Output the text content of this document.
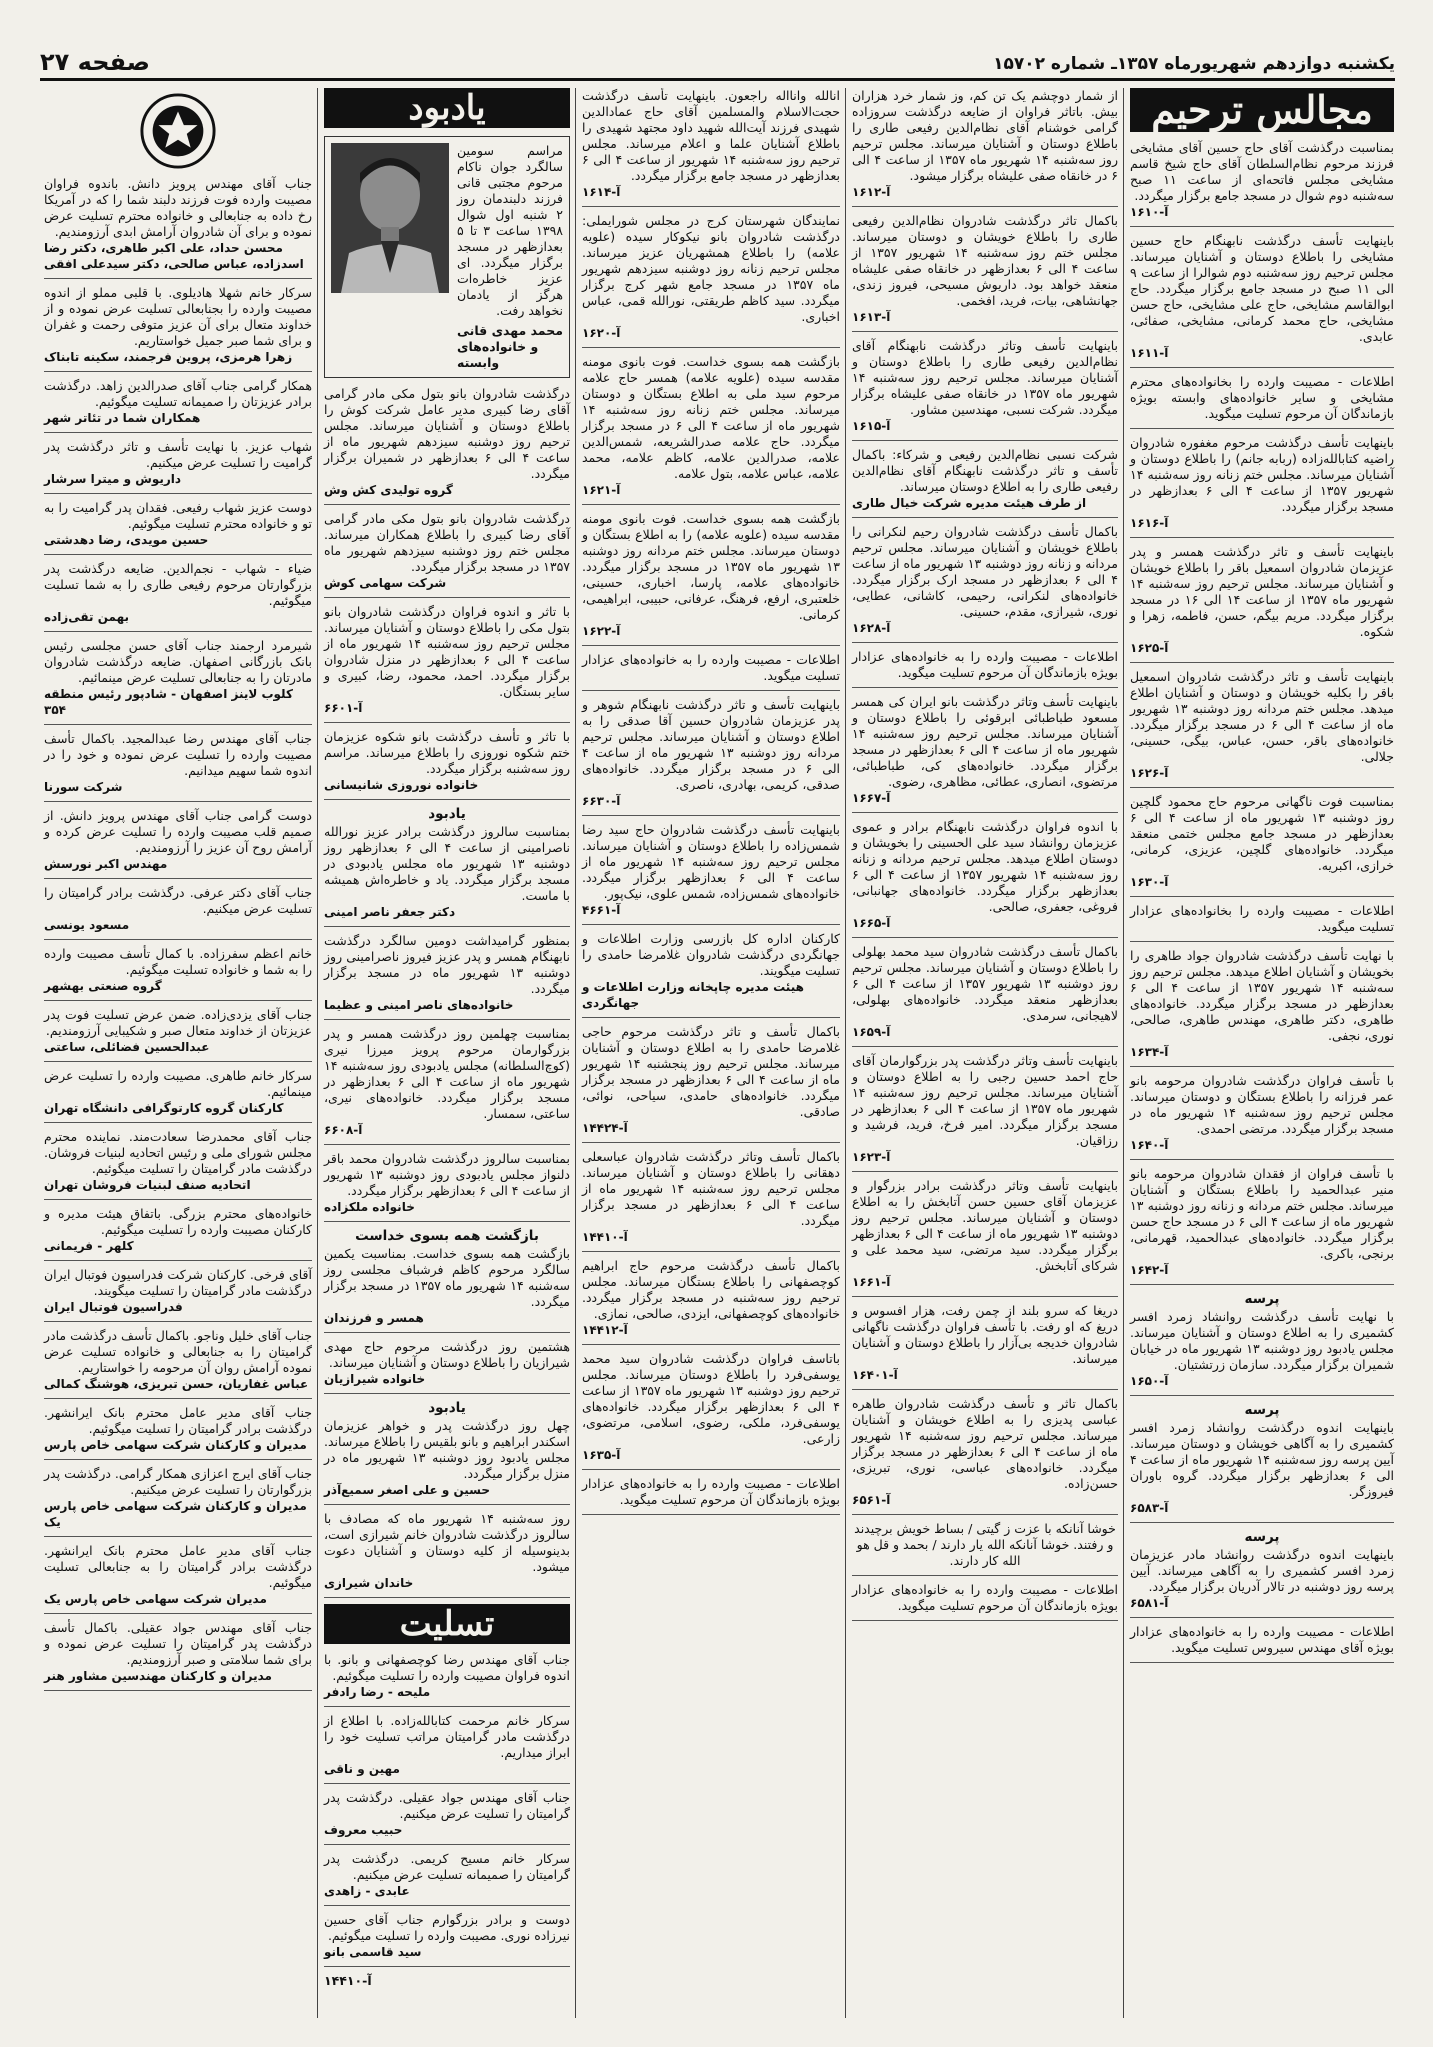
یکشنبه دوازدهم شهریورماه ۱۳۵۷ـ شماره ۱۵۷۰۲
صفحه ۲۷
مجالس ترحیم
بمناسبت درگذشت آقای حاج حسین آقای مشایخی فرزند مرحوم نظام‌السلطان آقای حاج شیخ قاسم مشایخی مجلس فاتحه‌ای از ساعت ۱۱ صبح سه‌شنبه دوم شوال در مسجد جامع برگزار میگردد.
آ-۱۶۱۰
باینهایت تأسف درگذشت نابهنگام حاج حسین مشایخی را باطلاع دوستان و آشنایان میرساند. مجلس ترحیم روز سه‌شنبه دوم شوالرا از ساعت ۹ الی ۱۱ صبح در مسجد جامع برگزار میگردد. حاج ابوالقاسم مشایخی، حاج علی مشایخی، حاج حسن مشایخی، حاج محمد کرمانی، مشایخی، صفائی، عابدی.
آ-۱۶۱۱
اطلاعات - مصیبت وارده را بخانواده‌های محترم مشایخی و سایر خانواده‌های وابسته بویژه بازماندگان آن مرحوم تسلیت میگوید.
باینهایت تأسف درگذشت مرحوم مغفوره شادروان راضیه کتابالله‌زاده (ربابه جانم) را باطلاع دوستان و آشنایان میرساند. مجلس ختم زنانه روز سه‌شنبه ۱۴ شهریور ۱۳۵۷ از ساعت ۴ الی ۶ بعدازظهر در مسجد برگزار میگردد.
آ-۱۶۱۶
باینهایت تأسف و تاثر درگذشت همسر و پدر عزیزمان شادروان اسمعیل باقر را باطلاع خویشان و آشنایان میرساند. مجلس ترحیم روز سه‌شنبه ۱۴ شهریور ماه ۱۳۵۷ از ساعت ۱۴ الی ۱۶ در مسجد برگزار میگردد. مریم بیگم، حسن، فاطمه، زهرا و شکوه.
آ-۱۶۲۵
باینهایت تأسف و تاثر درگذشت شادروان اسمعیل باقر را بکلیه خویشان و دوستان و آشنایان اطلاع میدهد. مجلس ختم مردانه روز دوشنبه ۱۳ شهریور ماه از ساعت ۴ الی ۶ در مسجد برگزار میگردد. خانواده‌های باقر، حسن، عباس، بیگی، حسینی، جلالی.
آ-۱۶۲۶
بمناسبت فوت ناگهانی مرحوم حاج محمود گلچین روز دوشنبه ۱۳ شهریور ماه از ساعت ۴ الی ۶ بعدازظهر در مسجد جامع مجلس ختمی منعقد میگردد. خانواده‌های گلچین، عزیزی، کرمانی، خرازی، اکبریه.
آ-۱۶۳۰
اطلاعات - مصیبت وارده را بخانواده‌های عزادار تسلیت میگوید.
با نهایت تأسف درگذشت شادروان جواد طاهری را بخویشان و آشنایان اطلاع میدهد. مجلس ترحیم روز سه‌شنبه ۱۴ شهریور ۱۳۵۷ از ساعت ۴ الی ۶ بعدازظهر در مسجد برگزار میگردد. خانواده‌های طاهری، دکتر طاهری، مهندس طاهری، صالحی، نوری، نجفی.
آ-۱۶۳۴
با تأسف فراوان درگذشت شادروان مرحومه بانو عمر فرزانه را باطلاع بستگان و دوستان میرساند. مجلس ترحیم روز سه‌شنبه ۱۴ شهریور ماه در مسجد برگزار میگردد. مرتضی احمدی.
آ-۱۶۴۰
با تأسف فراوان از فقدان شادروان مرحومه بانو منیر عبدالحمید را باطلاع بستگان و آشنایان میرساند. مجلس ختم مردانه و زنانه روز دوشنبه ۱۳ شهریور ماه از ساعت ۴ الی ۶ در مسجد حاج حسن برگزار میگردد. خانواده‌های عبدالحمید، قهرمانی، برنجی، باکری.
آ-۱۶۴۲
پرسه
با نهایت تأسف درگذشت روانشاد زمرد افسر کشمیری را به اطلاع دوستان و آشنایان میرساند. مجلس یادبود روز دوشنبه ۱۳ شهریور ماه در خیابان شمیران برگزار میگردد. سازمان زرتشتیان.
آ-۱۶۵۰
پرسه
باینهایت اندوه درگذشت روانشاد زمرد افسر کشمیری را به آگاهی خویشان و دوستان میرساند. آیین پرسه روز سه‌شنبه ۱۴ شهریور ماه از ساعت ۴ الی ۶ بعدازظهر برگزار میگردد. گروه باوران فیروزگر.
آ-۶۵۸۳
پرسه
باینهایت اندوه درگذشت روانشاد مادر عزیزمان زمرد افسر کشمیری را به آگاهی میرساند. آیین پرسه روز دوشنبه در تالار آدریان برگزار میگردد.
آ-۶۵۸۱
اطلاعات - مصیبت وارده را به خانواده‌های عزادار بویژه آقای مهندس سیروس تسلیت میگوید.
از شمار دوچشم یک تن کم، وز شمار خرد هزاران بیش. باتاثر فراوان از ضایعه درگذشت سروزاده گرامی خوشنام آقای نظام‌الدین رفیعی طاری را باطلاع دوستان و آشنایان میرساند. مجلس ترحیم روز سه‌شنبه ۱۴ شهریور ماه ۱۳۵۷ از ساعت ۴ الی ۶ در خانقاه صفی علیشاه برگزار میشود.
آ-۱۶۱۲
باکمال تاثر درگذشت شادروان نظام‌الدین رفیعی طاری را باطلاع خویشان و دوستان میرساند. مجلس ختم روز سه‌شنبه ۱۴ شهریور ۱۳۵۷ از ساعت ۴ الی ۶ بعدازظهر در خانقاه صفی علیشاه منعقد خواهد بود. داریوش مسیحی، فیروز زندی، جهانشاهی، بیات، فرید، افخمی.
آ-۱۶۱۳
باینهایت تأسف وتاثر درگذشت نابهنگام آقای نظام‌الدین رفیعی طاری را باطلاع دوستان و آشنایان میرساند. مجلس ترحیم روز سه‌شنبه ۱۴ شهریور ماه ۱۳۵۷ در خانقاه صفی علیشاه برگزار میگردد. شرکت نسبی، مهندسین مشاور.
آ-۱۶۱۵
شرکت نسبی نظام‌الدین رفیعی و شرکاء: باکمال تأسف و تاثر درگذشت نابهنگام آقای نظام‌الدین رفیعی طاری را به اطلاع دوستان میرساند.
از طرف هیئت مدیره شرکت خیال طاری
باکمال تأسف درگذشت شادروان رحیم لنکرانی را باطلاع خویشان و آشنایان میرساند. مجلس ترحیم مردانه و زنانه روز دوشنبه ۱۳ شهریور ماه از ساعت ۴ الی ۶ بعدازظهر در مسجد ارک برگزار میگردد. خانواده‌های لنکرانی، رحیمی، کاشانی، عطایی، نوری، شیرازی، مقدم، حسینی.
آ-۱۶۲۸
اطلاعات - مصیبت وارده را به خانواده‌های عزادار بویژه بازماندگان آن مرحوم تسلیت میگوید.
باینهایت تأسف وتاثر درگذشت بانو ایران کی همسر مسعود طباطبائی ابرقوئی را باطلاع دوستان و آشنایان میرساند. مجلس ترحیم روز سه‌شنبه ۱۴ شهریور ماه از ساعت ۴ الی ۶ بعدازظهر در مسجد برگزار میگردد. خانواده‌های کی، طباطبائی، مرتضوی، انصاری، عطائی، مظاهری، رضوی.
آ-۱۶۶۷
با اندوه فراوان درگذشت نابهنگام برادر و عموی عزیزمان روانشاد سید علی الحسینی را بخویشان و دوستان اطلاع میدهد. مجلس ترحیم مردانه و زنانه روز سه‌شنبه ۱۴ شهریور ۱۳۵۷ از ساعت ۴ الی ۶ بعدازظهر برگزار میگردد. خانواده‌های جهانبانی، فروغی، جعفری، صالحی.
آ-۱۶۶۵
باکمال تأسف درگذشت شادروان سید محمد بهلولی را باطلاع دوستان و آشنایان میرساند. مجلس ترحیم روز دوشنبه ۱۳ شهریور ۱۳۵۷ از ساعت ۴ الی ۶ بعدازظهر منعقد میگردد. خانواده‌های بهلولی، لاهیجانی، سرمدی.
آ-۱۶۵۹
باینهایت تأسف وتاثر درگذشت پدر بزرگوارمان آقای حاج احمد حسین رجبی را به اطلاع دوستان و آشنایان میرساند. مجلس ترحیم روز سه‌شنبه ۱۴ شهریور ماه ۱۳۵۷ از ساعت ۴ الی ۶ بعدازظهر در مسجد برگزار میگردد. امیر فرخ، فرید، فرشید و رزاقیان.
آ-۱۶۲۳
باینهایت تأسف وتاثر درگذشت برادر بزرگوار و عزیزمان آقای حسین حسن آتابخش را به اطلاع دوستان و آشنایان میرساند. مجلس ترحیم روز دوشنبه ۱۳ شهریور ماه از ساعت ۴ الی ۶ بعدازظهر برگزار میگردد. سید مرتضی، سید محمد علی و شرکای آتابخش.
آ-۱۶۶۱
دریغا که سرو بلند از چمن رفت، هزار افسوس و دریغ که او رفت. با تأسف فراوان درگذشت ناگهانی شادروان خدیجه بی‌آزار را باطلاع دوستان و آشنایان میرساند.
آ-۱۶۴۰۱
باکمال تاثر و تأسف درگذشت شادروان طاهره عباسی پدیزی را به اطلاع خویشان و آشنایان میرساند. مجلس ترحیم روز سه‌شنبه ۱۴ شهریور ماه از ساعت ۴ الی ۶ بعدازظهر در مسجد برگزار میگردد. خانواده‌های عباسی، نوری، تبریزی، حسن‌زاده.
آ-۶۵۶۱
خوشا آنانکه با عزت ز گیتی / بساط خویش برچیدند و رفتند. خوشا آنانکه الله یار دارند / بحمد و قل هو الله کار دارند.
اطلاعات - مصیبت وارده را به خانواده‌های عزادار بویژه بازماندگان آن مرحوم تسلیت میگوید.
انالله وانااله راجعون. باینهایت تأسف درگذشت حجت‌الاسلام والمسلمین آقای حاج عمادالدین شهیدی فرزند آیت‌الله شهید داود مجتهد شهیدی را باطلاع آشنایان علما و اعلام میرساند. مجلس ترحیم روز سه‌شنبه ۱۴ شهریور از ساعت ۴ الی ۶ بعدازظهر در مسجد جامع برگزار میگردد.
آ-۱۶۱۴
نمایندگان شهرستان کرج در مجلس شورایملی: درگذشت شادروان بانو نیکوکار سیده (علویه علامه) را باطلاع همشهریان عزیز میرساند. مجلس ترحیم زنانه روز دوشنبه سیزدهم شهریور ماه ۱۳۵۷ در مسجد جامع شهر کرج برگزار میگردد. سید کاظم طریقتی، نورالله قمی، عباس اخباری.
آ-۱۶۲۰
بازگشت همه بسوی خداست. فوت بانوی مومنه مقدسه سیده (علویه علامه) همسر حاج علامه مرحوم سید ملی به اطلاع بستگان و دوستان میرساند. مجلس ختم زنانه روز سه‌شنبه ۱۴ شهریور ماه از ساعت ۴ الی ۶ در مسجد برگزار میگردد. حاج علامه صدرالشریعه، شمس‌الدین علامه، صدرالدین علامه، کاظم علامه، محمد علامه، عباس علامه، بتول علامه.
آ-۱۶۲۱
بازگشت همه بسوی خداست. فوت بانوی مومنه مقدسه سیده (علویه علامه) را به اطلاع بستگان و دوستان میرساند. مجلس ختم مردانه روز دوشنبه ۱۳ شهریور ماه ۱۳۵۷ در مسجد برگزار میگردد. خانواده‌های علامه، پارسا، اخباری، حسینی، خلعتبری، ارفع، فرهنگ، عرفانی، حبیبی، ابراهیمی، کرمانی.
آ-۱۶۲۲
اطلاعات - مصیبت وارده را به خانواده‌های عزادار تسلیت میگوید.
باینهایت تأسف و تاثر درگذشت نابهنگام شوهر و پدر عزیزمان شادروان حسین آقا صدقی را به اطلاع دوستان و آشنایان میرساند. مجلس ترحیم مردانه روز دوشنبه ۱۳ شهریور ماه از ساعت ۴ الی ۶ در مسجد برگزار میگردد. خانواده‌های صدقی، کریمی، بهادری، ناصری.
آ-۶۶۳۰
باینهایت تأسف درگذشت شادروان حاج سید رضا شمس‌زاده را باطلاع دوستان و آشنایان میرساند. مجلس ترحیم روز سه‌شنبه ۱۴ شهریور ماه از ساعت ۴ الی ۶ بعدازظهر برگزار میگردد. خانواده‌های شمس‌زاده، شمس علوی، نیک‌پور.
آ-۴۶۶۱
کارکنان اداره کل بازرسی وزارت اطلاعات و جهانگردی درگذشت شادروان غلامرضا حامدی را تسلیت میگویند.
هیئت مدیره چاپخانه وزارت اطلاعات و جهانگردی
باکمال تأسف و تاثر درگذشت مرحوم حاجی غلامرضا حامدی را به اطلاع دوستان و آشنایان میرساند. مجلس ترحیم روز پنجشنبه ۱۴ شهریور ماه از ساعت ۴ الی ۶ بعدازظهر در مسجد برگزار میگردد. خانواده‌های حامدی، سیاحی، نوائی، صادقی.
آ-۱۴۴۲۴
باکمال تأسف وتاثر درگذشت شادروان عباسعلی دهقانی را باطلاع دوستان و آشنایان میرساند. مجلس ترحیم روز سه‌شنبه ۱۴ شهریور ماه از ساعت ۴ الی ۶ بعدازظهر در مسجد برگزار میگردد.
آ-۱۴۴۱۰
باکمال تأسف درگذشت مرحوم حاج ابراهیم کوچصفهانی را باطلاع بستگان میرساند. مجلس ترحیم روز سه‌شنبه در مسجد برگزار میگردد. خانواده‌های کوچصفهانی، ایزدی، صالحی، نمازی.
آ-۱۴۴۱۲
باتاسف فراوان درگذشت شادروان سید محمد یوسفی‌فرد را باطلاع دوستان میرساند. مجلس ترحیم روز دوشنبه ۱۳ شهریور ماه ۱۳۵۷ از ساعت ۴ الی ۶ بعدازظهر برگزار میگردد. خانواده‌های یوسفی‌فرد، ملکی، رضوی، اسلامی، مرتضوی، زارعی.
آ-۱۶۳۵
اطلاعات - مصیبت وارده را به خانواده‌های عزادار بویژه بازماندگان آن مرحوم تسلیت میگوید.
یادبود
مراسم سومین سالگرد جوان ناکام مرحوم مجتبی قانی فرزند دلبندمان روز ۲ شنبه اول شوال ۱۳۹۸ ساعت ۳ تا ۵ بعدازظهر در مسجد برگزار میگردد. ای عزیز خاطره‌ات هرگز از یادمان نخواهد رفت.
محمد مهدی قانی و خانواده‌های وابسته
درگذشت شادروان بانو بتول مکی مادر گرامی آقای رضا کبیری مدیر عامل شرکت کوش را باطلاع دوستان و آشنایان میرساند. مجلس ترحیم روز دوشنبه سیزدهم شهریور ماه از ساعت ۴ الی ۶ بعدازظهر در شمیران برگزار میگردد.
گروه تولیدی کش وش
درگذشت شادروان بانو بتول مکی مادر گرامی آقای رضا کبیری را باطلاع همکاران میرساند. مجلس ختم روز دوشنبه سیزدهم شهریور ماه ۱۳۵۷ در مسجد برگزار میگردد.
شرکت سهامی کوش
با تاثر و اندوه فراوان درگذشت شادروان بانو بتول مکی را باطلاع دوستان و آشنایان میرساند. مجلس ترحیم روز سه‌شنبه ۱۴ شهریور ماه از ساعت ۴ الی ۶ بعدازظهر در منزل شادروان برگزار میگردد. احمد، محمود، رضا، کبیری و سایر بستگان.
آ-۶۶۰۱
با تاثر و تأسف درگذشت بانو شکوه عزیزمان ختم شکوه نوروزی را باطلاع میرساند. مراسم روز سه‌شنبه برگزار میگردد.
خانواده نوروزی شانیسانی
یادبود
بمناسبت سالروز درگذشت برادر عزیز نورالله ناصرامینی از ساعت ۴ الی ۶ بعدازظهر روز دوشنبه ۱۳ شهریور ماه مجلس یادبودی در مسجد برگزار میگردد. یاد و خاطره‌اش همیشه با ماست.
دکتر جعفر ناصر امینی
بمنظور گرامیداشت دومین سالگرد درگذشت نابهنگام همسر و پدر عزیز فیروز ناصرامینی روز دوشنبه ۱۳ شهریور ماه در مسجد برگزار میگردد.
خانواده‌های ناصر امینی و عظیما
بمناسبت چهلمین روز درگذشت همسر و پدر بزرگوارمان مرحوم پرویز میرزا نیری (کوچ‌السلطانه) مجلس یادبودی روز سه‌شنبه ۱۴ شهریور ماه از ساعت ۴ الی ۶ بعدازظهر در مسجد برگزار میگردد. خانواده‌های نیری، ساعتی، سمسار.
آ-۶۶۰۸
بمناسبت سالروز درگذشت شادروان محمد باقر دلنواز مجلس یادبودی روز دوشنبه ۱۳ شهریور از ساعت ۴ الی ۶ بعدازظهر برگزار میگردد.
خانواده ملکزاده
بازگشت همه بسوی خداست
بازگشت همه بسوی خداست. بمناسبت یکمین سالگرد مرحوم کاظم فرشباف مجلسی روز سه‌شنبه ۱۴ شهریور ماه ۱۳۵۷ در مسجد برگزار میگردد.
همسر و فرزندان
هشتمین روز درگذشت مرحوم حاج مهدی شیرازیان را باطلاع دوستان و آشنایان میرساند.
خانواده شیرازیان
یادبود
چهل روز درگذشت پدر و خواهر عزیزمان اسکندر ابراهیم و بانو بلقیس را باطلاع میرساند. مجلس یادبود روز دوشنبه ۱۳ شهریور ماه در منزل برگزار میگردد.
حسین و علی اصغر سمیع‌آذر
روز سه‌شنبه ۱۴ شهریور ماه که مصادف با سالروز درگذشت شادروان خانم شیرازی است، بدینوسیله از کلیه دوستان و آشنایان دعوت میشود.
خاندان شیرازی
تسلیت
جناب آقای مهندس رضا کوچصفهانی و بانو. با اندوه فراوان مصیبت وارده را تسلیت میگوئیم.
ملیحه - رضا رادفر
سرکار خانم مرحمت کتابالله‌زاده. با اطلاع از درگذشت مادر گرامیتان مراتب تسلیت خود را ابراز میداریم.
مهین و ناقی
جناب آقای مهندس جواد عقیلی. درگذشت پدر گرامیتان را تسلیت عرض میکنیم.
حبیب معروف
سرکار خانم مسیح کریمی. درگذشت پدر گرامیتان را صمیمانه تسلیت عرض میکنیم.
عابدی - زاهدی
دوست و برادر بزرگوارم جناب آقای حسین نیرزاده نوری. مصیبت وارده را تسلیت میگوئیم.
سید قاسمی بانو
آ-۱۴۴۱۰
جناب آقای مهندس پرویز دانش. باندوه فراوان مصیبت وارده فوت فرزند دلبند شما را که در آمریکا رخ داده به جنابعالی و خانواده محترم تسلیت عرض نموده و برای آن شادروان آرامش ابدی آرزومندیم.
محسن حداد، علی اکبر طاهری، دکتر رضا اسدزاده، عباس صالحی، دکتر سیدعلی افقی
سرکار خانم شهلا هادیلوی. با قلبی مملو از اندوه مصیبت وارده را بجنابعالی تسلیت عرض نموده و از خداوند متعال برای آن عزیز متوفی رحمت و غفران و برای شما صبر جمیل خواستاریم.
زهرا هرمزی، پروین فرجمند، سکینه تابناک
همکار گرامی جناب آقای صدرالدین زاهد. درگذشت برادر عزیزتان را صمیمانه تسلیت میگوئیم.
همکاران شما در تئاتر شهر
شهاب عزیز. با نهایت تأسف و تاثر درگذشت پدر گرامیت را تسلیت عرض میکنیم.
داریوش و میترا سرشار
دوست عزیز شهاب رفیعی. فقدان پدر گرامیت را به تو و خانواده محترم تسلیت میگوئیم.
حسین مویدی، رضا دهدشتی
ضیاء - شهاب - نجم‌الدین. ضایعه درگذشت پدر بزرگوارتان مرحوم رفیعی طاری را به شما تسلیت میگوئیم.
بهمن تقی‌زاده
شیرمرد ارجمند جناب آقای حسن مجلسی رئیس بانک بازرگانی اصفهان. ضایعه درگذشت شادروان مادرتان را به جنابعالی تسلیت عرض مینمائیم.
کلوب لاینز اصفهان - شادپور رئیس منطقه ۳۵۴
جناب آقای مهندس رضا عبدالمجید. باکمال تأسف مصیبت وارده را تسلیت عرض نموده و خود را در اندوه شما سهیم میدانیم.
شرکت سورنا
دوست گرامی جناب آقای مهندس پرویز دانش. از صمیم قلب مصیبت وارده را تسلیت عرض کرده و آرامش روح آن عزیز را آرزومندیم.
مهندس اکبر نورسش
جناب آقای دکتر عرفی. درگذشت برادر گرامیتان را تسلیت عرض میکنیم.
مسعود یونسی
خانم اعظم سفرزاده. با کمال تأسف مصیبت وارده را به شما و خانواده تسلیت میگوئیم.
گروه صنعتی بهشهر
جناب آقای یزدی‌زاده. ضمن عرض تسلیت فوت پدر عزیزتان از خداوند متعال صبر و شکیبایی آرزومندیم.
عبدالحسین فضائلی، ساعتی
سرکار خانم طاهری. مصیبت وارده را تسلیت عرض مینمائیم.
کارکنان گروه کارتوگرافی دانشگاه تهران
جناب آقای محمدرضا سعادت‌مند. نماینده محترم مجلس شورای ملی و رئیس اتحادیه لبنیات فروشان. درگذشت مادر گرامیتان را تسلیت میگوئیم.
اتحادیه صنف لبنیات فروشان تهران
خانواده‌های محترم بزرگی. باتفاق هیئت مدیره و کارکنان مصیبت وارده را تسلیت میگوئیم.
کلهر - فریمانی
آقای فرخی. کارکنان شرکت فدراسیون فوتبال ایران درگذشت مادر گرامیتان را تسلیت میگویند.
فدراسیون فوتبال ایران
جناب آقای خلیل وناجو. باکمال تأسف درگذشت مادر گرامیتان را به جنابعالی و خانواده تسلیت عرض نموده آرامش روان آن مرحومه را خواستاریم.
عباس غفاریان، حسن تبریزی، هوشنگ کمالی
جناب آقای مدیر عامل محترم بانک ایرانشهر. درگذشت برادر گرامیتان را تسلیت میگوئیم.
مدیران و کارکنان شرکت سهامی خاص پارس
جناب آقای ایرج اعزازی همکار گرامی. درگذشت پدر بزرگوارتان را تسلیت عرض میکنیم.
مدیران و کارکنان شرکت سهامی خاص پارس یک
جناب آقای مدیر عامل محترم بانک ایرانشهر. درگذشت برادر گرامیتان را به جنابعالی تسلیت میگوئیم.
مدیران شرکت سهامی خاص پارس یک
جناب آقای مهندس جواد عقیلی. باکمال تأسف درگذشت پدر گرامیتان را تسلیت عرض نموده و برای شما سلامتی و صبر آرزومندیم.
مدیران و کارکنان مهندسین مشاور هنر
